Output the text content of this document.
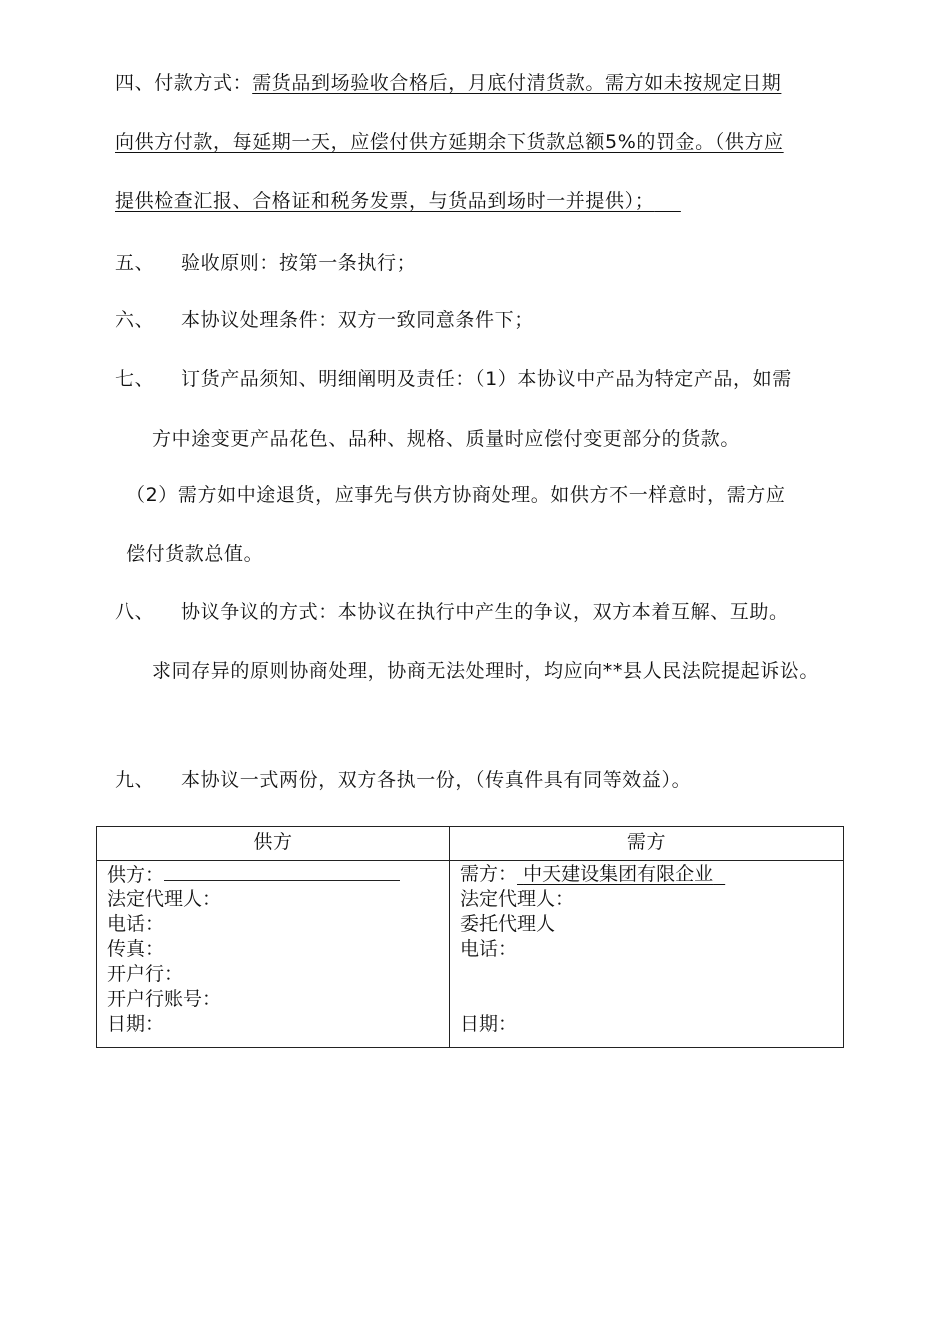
四、付款方式：需货品到场验收合格后，月底付清货款。需方如未按规定日期
向供方付款，每延期一天，应偿付供方延期余下货款总额5%的罚金。（供方应
提供检查汇报、合格证和税务发票，与货品到场时一并提供）；
五、 验收原则：按第一条执行；
六、 本协议处理条件：双方一致同意条件下；
七、 订货产品须知、明细阐明及责任：（1）本协议中产品为特定产品，如需
方中途变更产品花色、品种、规格、质量时应偿付变更部分的货款。
（2）需方如中途退货，应事先与供方协商处理。如供方不一样意时，需方应
偿付货款总值。
八、 协议争议的方式：本协议在执行中产生的争议，双方本着互解、互助。
求同存异的原则协商处理，协商无法处理时，均应向**县人民法院提起诉讼。
九、 本协议一式两份，双方各执一份，（传真件具有同等效益）。
供方	需方
供方：
法定代理人：
电话：
传真：
开户行：
开户行账号：
日期：
需方： 中天建设集团有限企业
法定代理人：
委托代理人
电话：
日期：
